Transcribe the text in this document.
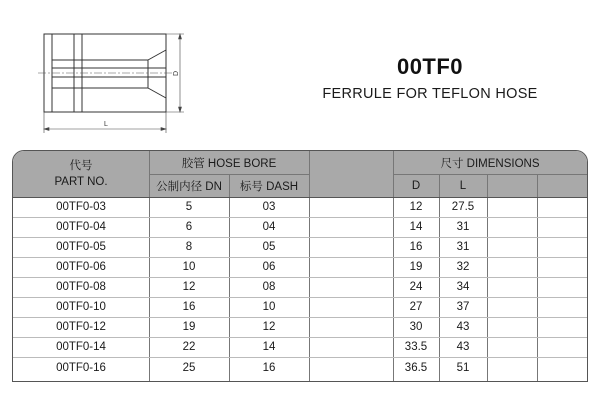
D
L
00TF0
FERRULE FOR TEFLON HOSE
代号
PART NO.
胶管 HOSE BORE
公制内径 DN	标号 DASH
尺寸 DIMENSIONS
D	L
00TF0-03	5	03	12	27.5
00TF0-04	6	04	14	31
00TF0-05	8	05	16	31
00TF0-06	10	06	19	32
00TF0-08	12	08	24	34
00TF0-10	16	10	27	37
00TF0-12	19	12	30	43
00TF0-14	22	14	33.5	43
00TF0-16	25	16	36.5	51
